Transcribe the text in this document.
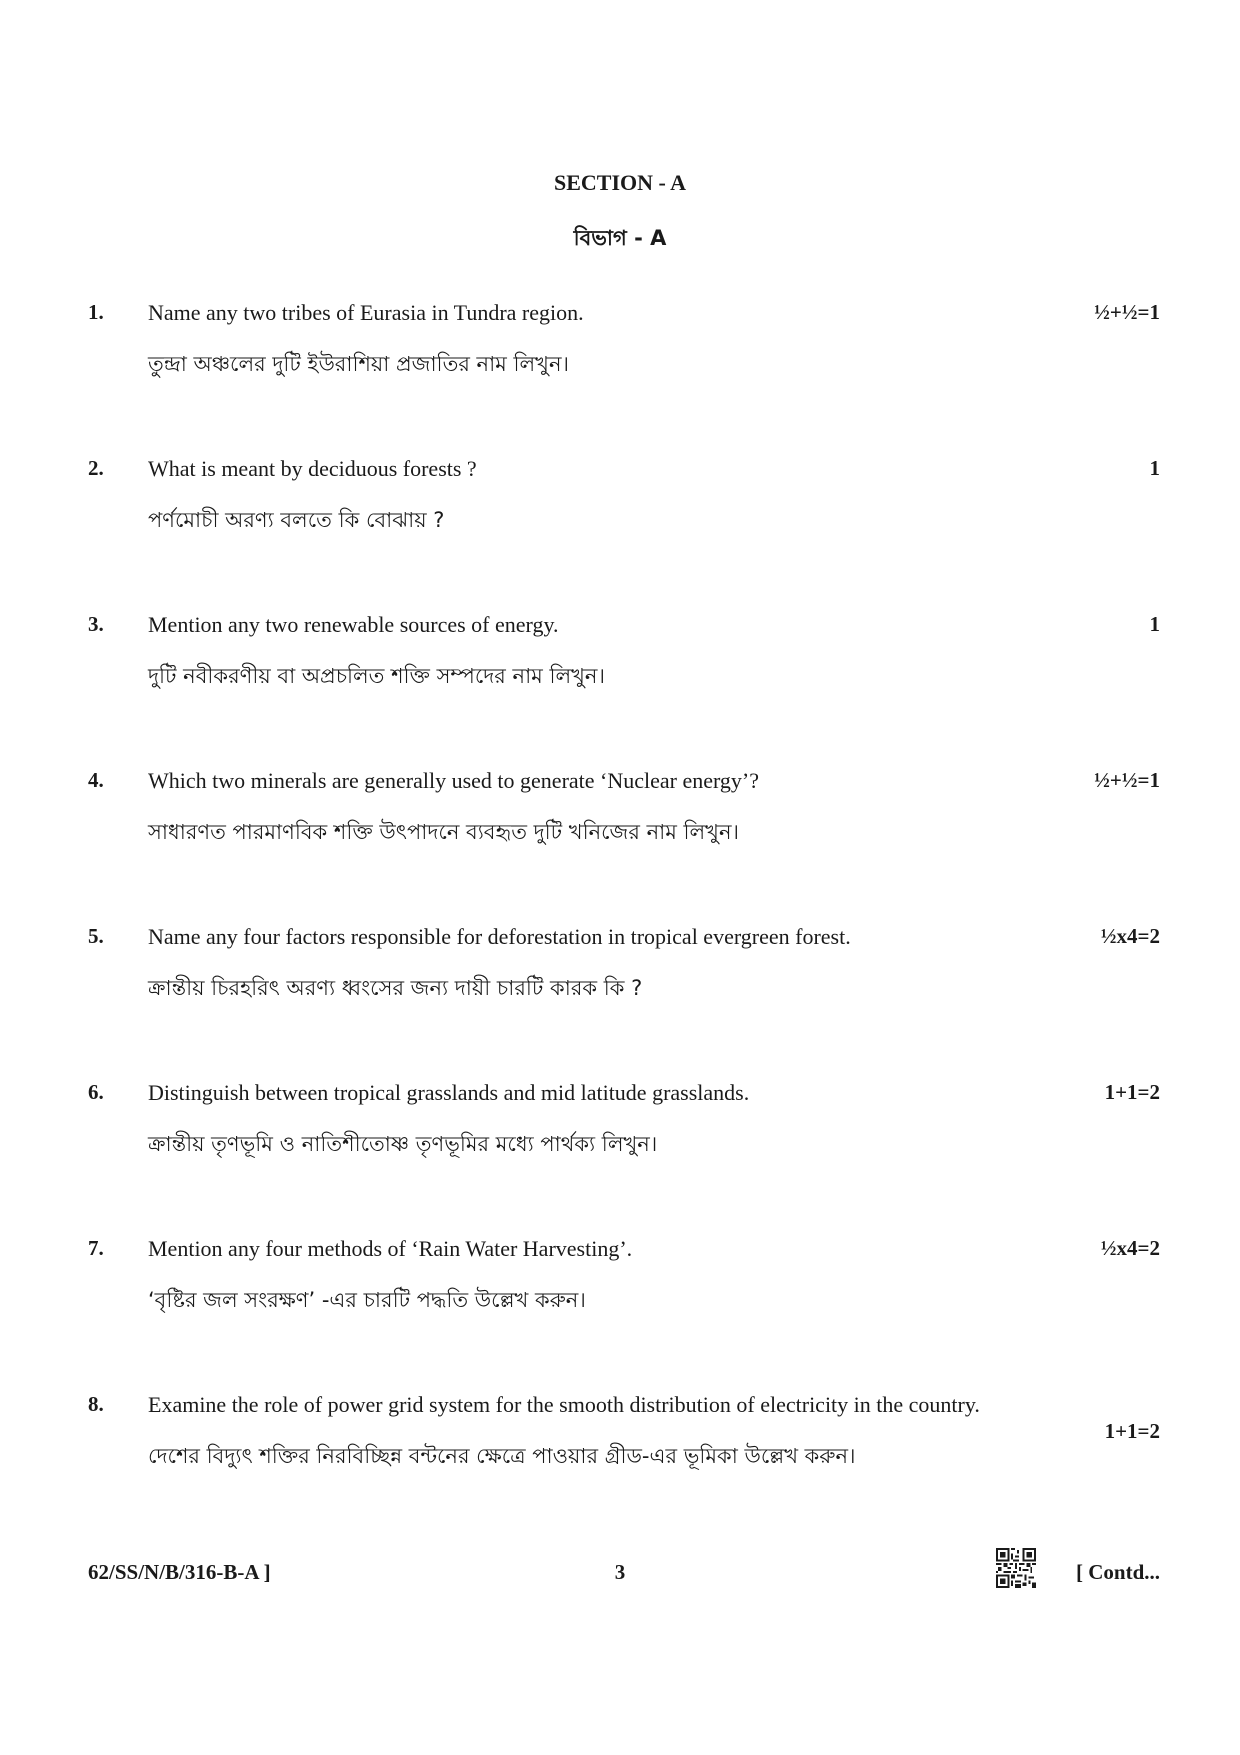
SECTION - A
বিভাগ - A
1. Name any two tribes of Eurasia in Tundra region.	½+½=1
তুন্দ্রা অঞ্চলের দুটি ইউরাশিয়া প্রজাতির নাম লিখুন।
2. What is meant by deciduous forests ?	1
পর্ণমোচী অরণ্য বলতে কি বোঝায় ?
3. Mention any two renewable sources of energy.	1
দুটি নবীকরণীয় বা অপ্রচলিত শক্তি সম্পদের নাম লিখুন।
4. Which two minerals are generally used to generate ‘Nuclear energy’?	½+½=1
সাধারণত পারমাণবিক শক্তি উৎপাদনে ব্যবহৃত দুটি খনিজের নাম লিখুন।
5. Name any four factors responsible for deforestation in tropical evergreen forest.	½x4=2
ক্রান্তীয় চিরহরিৎ অরণ্য ধ্বংসের জন্য দায়ী চারটি কারক কি ?
6. Distinguish between tropical grasslands and mid latitude grasslands.	1+1=2
ক্রান্তীয় তৃণভূমি ও নাতিশীতোষ্ণ তৃণভূমির মধ্যে পার্থক্য লিখুন।
7. Mention any four methods of ‘Rain Water Harvesting’.	½x4=2
‘বৃষ্টির জল সংরক্ষণ’ -এর চারটি পদ্ধতি উল্লেখ করুন।
8. Examine the role of power grid system for the smooth distribution of electricity in the country.
1+1=2
দেশের বিদ্যুৎ শক্তির নিরবিচ্ছিন্ন বন্টনের ক্ষেত্রে পাওয়ার গ্রীড-এর ভূমিকা উল্লেখ করুন।
62/SS/N/B/316-B-A ]	3	[ Contd...
